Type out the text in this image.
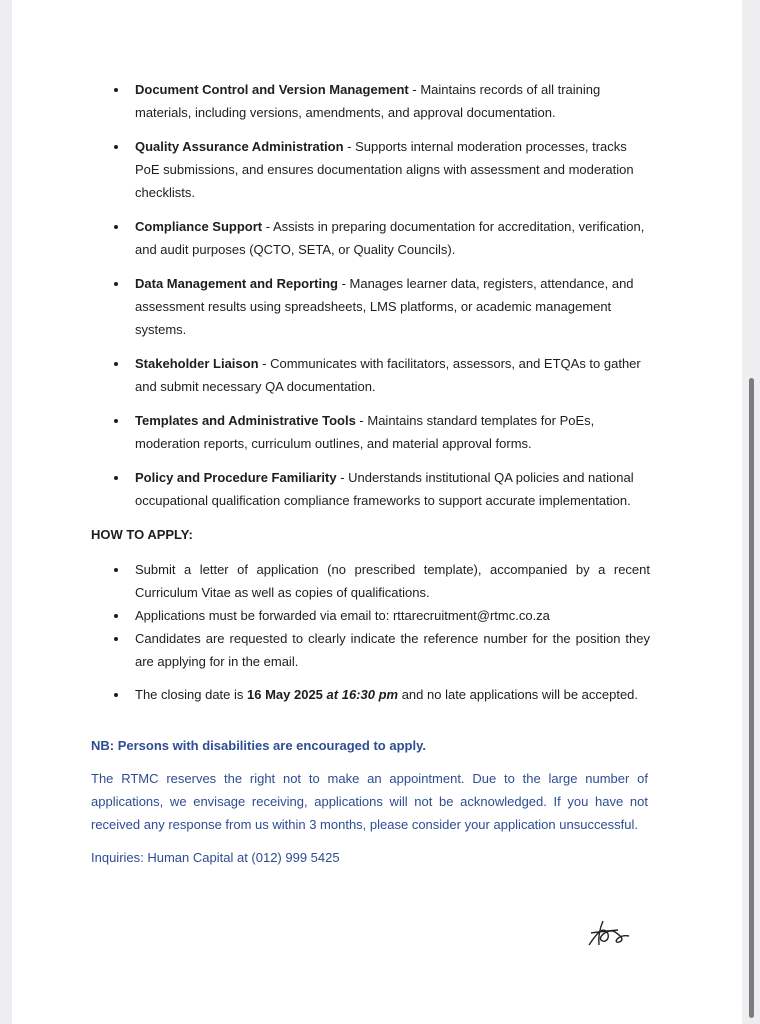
Document Control and Version Management - Maintains records of all training materials, including versions, amendments, and approval documentation.
Quality Assurance Administration - Supports internal moderation processes, tracks PoE submissions, and ensures documentation aligns with assessment and moderation checklists.
Compliance Support - Assists in preparing documentation for accreditation, verification, and audit purposes (QCTO, SETA, or Quality Councils).
Data Management and Reporting - Manages learner data, registers, attendance, and assessment results using spreadsheets, LMS platforms, or academic management systems.
Stakeholder Liaison - Communicates with facilitators, assessors, and ETQAs to gather and submit necessary QA documentation.
Templates and Administrative Tools - Maintains standard templates for PoEs, moderation reports, curriculum outlines, and material approval forms.
Policy and Procedure Familiarity - Understands institutional QA policies and national occupational qualification compliance frameworks to support accurate implementation.
HOW TO APPLY:
Submit a letter of application (no prescribed template), accompanied by a recent Curriculum Vitae as well as copies of qualifications.
Applications must be forwarded via email to: rttarecruitment@rtmc.co.za
Candidates are requested to clearly indicate the reference number for the position they are applying for in the email.
The closing date is 16 May 2025 at 16:30 pm and no late applications will be accepted.
NB: Persons with disabilities are encouraged to apply.
The RTMC reserves the right not to make an appointment. Due to the large number of applications, we envisage receiving, applications will not be acknowledged. If you have not received any response from us within 3 months, please consider your application unsuccessful.
Inquiries: Human Capital at (012) 999 5425
